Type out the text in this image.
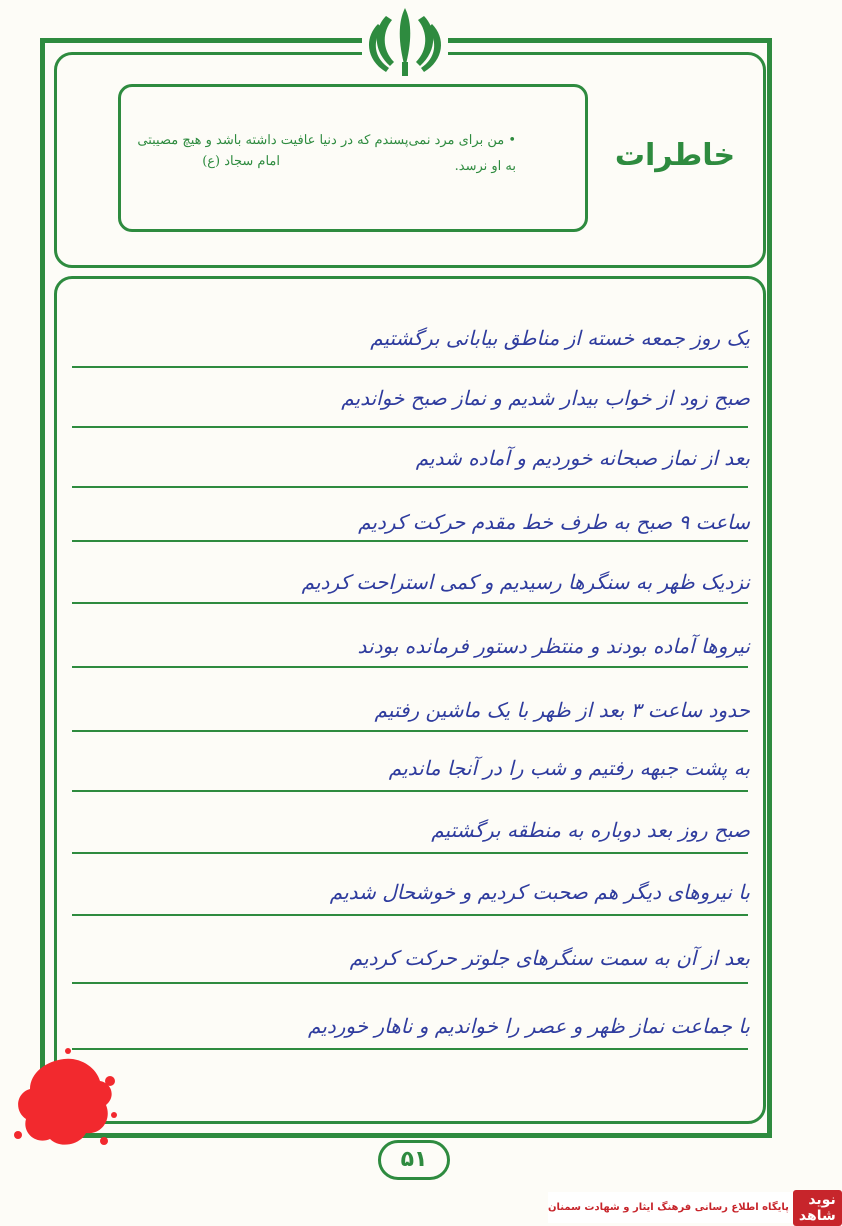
• من برای مرد نمی‌پسندم که در دنیا عافیت داشته باشد و هیچ مصیبتی به او نرسد.
امام سجاد (ع)	خاطرات
یک روز جمعه خسته از مناطق بیابانی برگشتیم
صبح زود از خواب بیدار شدیم و نماز صبح خواندیم
بعد از نماز صبحانه خوردیم و آماده شدیم
ساعت ۹ صبح به طرف خط مقدم حرکت کردیم
نزدیک ظهر به سنگرها رسیدیم و کمی استراحت کردیم
نیروها آماده بودند و منتظر دستور فرمانده بودند
حدود ساعت ۳ بعد از ظهر با یک ماشین رفتیم
به پشت جبهه رفتیم و شب را در آنجا ماندیم
صبح روز بعد دوباره به منطقه برگشتیم
با نیروهای دیگر هم صحبت کردیم و خوشحال شدیم
بعد از آن به سمت سنگرهای جلوتر حرکت کردیم
با جماعت نماز ظهر و عصر را خواندیم و ناهار خوردیم
۵۱
نوید شاهد
پایگاه اطلاع رسانی فرهنگ ایثار و شهادت سمنان
